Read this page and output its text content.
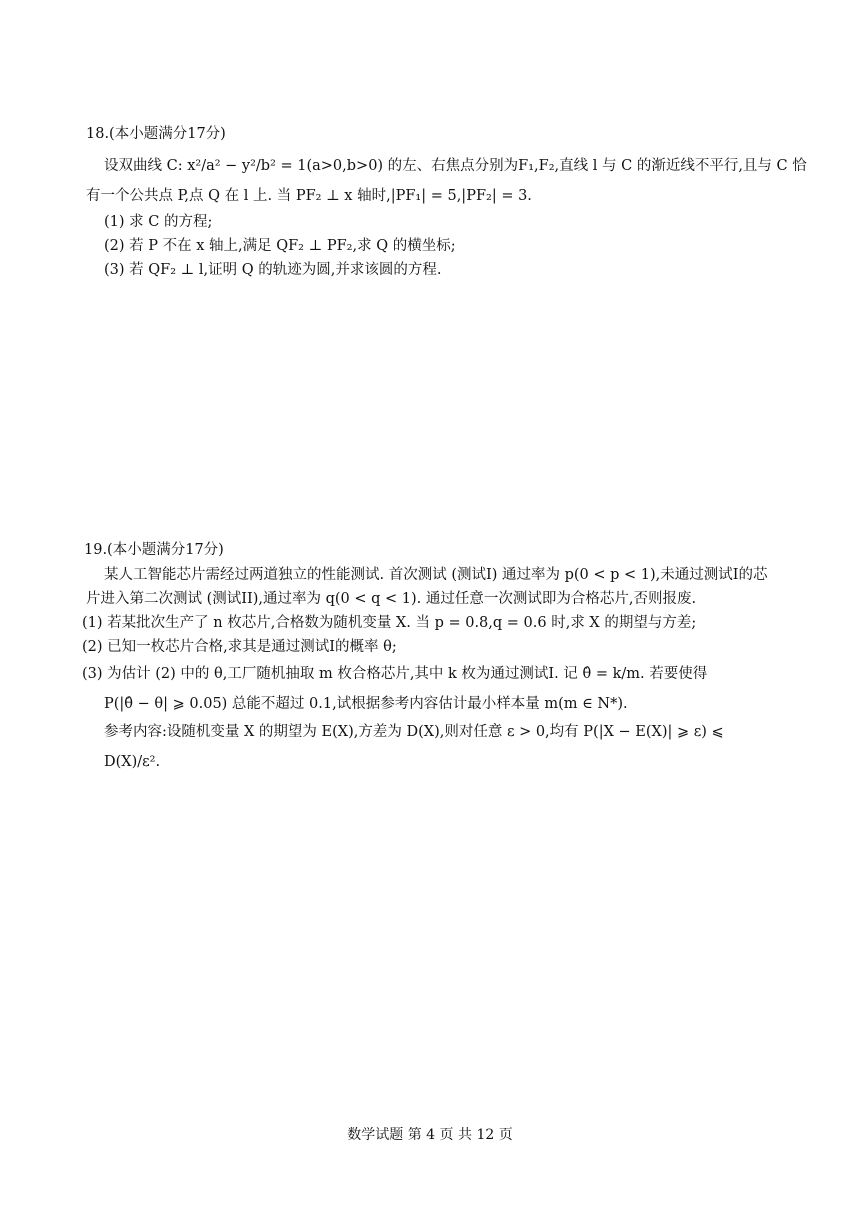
18.(本小题满分17分)
设双曲线 C: x²/a² − y²/b² = 1(a>0,b>0) 的左、右焦点分别为F₁,F₂,直线 l 与 C 的渐近线不平行,且与 C 恰
有一个公共点 P,点 Q 在 l 上. 当 PF₂ ⊥ x 轴时,|PF₁| = 5,|PF₂| = 3.
(1) 求 C 的方程;
(2) 若 P 不在 x 轴上,满足 QF₂ ⊥ PF₂,求 Q 的横坐标;
(3) 若 QF₂ ⊥ l,证明 Q 的轨迹为圆,并求该圆的方程.
19.(本小题满分17分)
某人工智能芯片需经过两道独立的性能测试. 首次测试 (测试I) 通过率为 p(0 < p < 1),未通过测试I的芯
片进入第二次测试 (测试II),通过率为 q(0 < q < 1). 通过任意一次测试即为合格芯片,否则报废.
(1) 若某批次生产了 n 枚芯片,合格数为随机变量 X. 当 p = 0.8,q = 0.6 时,求 X 的期望与方差;
(2) 已知一枚芯片合格,求其是通过测试I的概率 θ;
(3) 为估计 (2) 中的 θ,工厂随机抽取 m 枚合格芯片,其中 k 枚为通过测试I. 记 θ̂ = k/m. 若要使得
P(|θ̂ − θ| ⩾ 0.05) 总能不超过 0.1,试根据参考内容估计最小样本量 m(m ∈ N*).
参考内容:设随机变量 X 的期望为 E(X),方差为 D(X),则对任意 ε > 0,均有 P(|X − E(X)| ⩾ ε) ⩽
D(X)/ε².
数学试题 第 4 页 共 12 页
